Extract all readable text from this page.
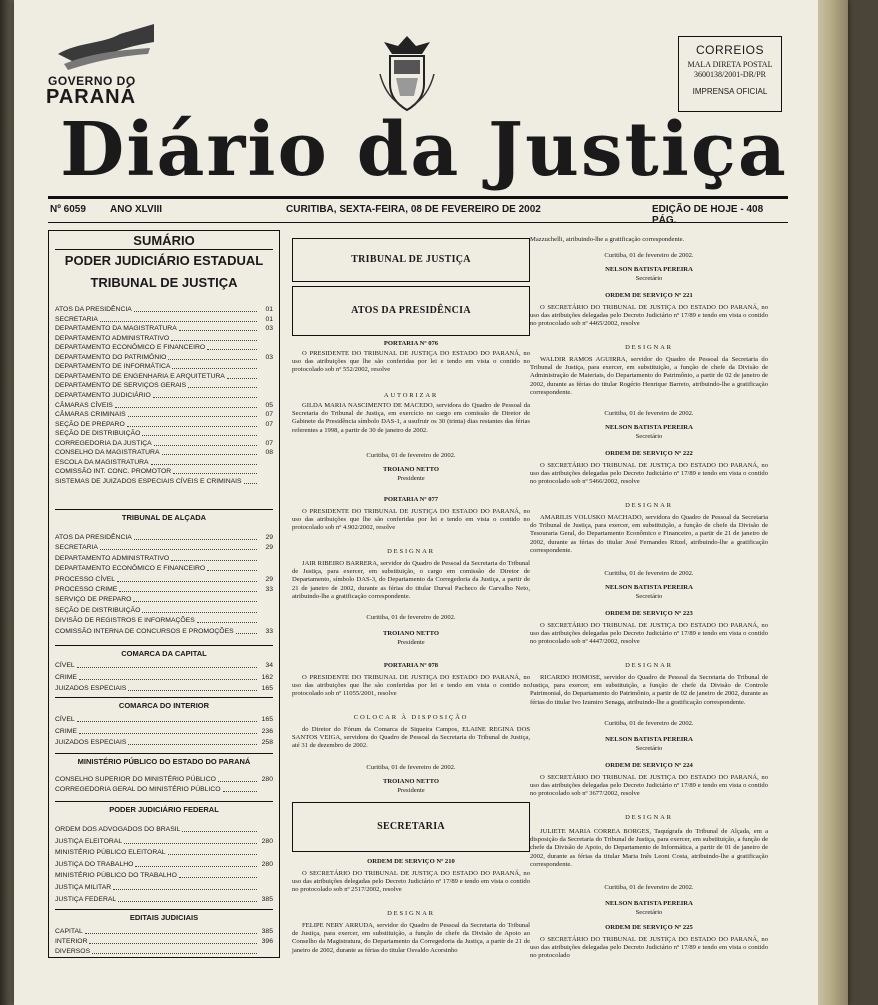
GOVERNO DO
PARANÁ
CORREIOS
MALA DIRETA POSTAL
3600138/2001-DR/PR
IMPRENSA OFICIAL
Diário da Justiça
Nº 6059 ANO XLVIII	CURITIBA, SEXTA-FEIRA, 08 DE FEVEREIRO DE 2002	EDIÇÃO DE HOJE - 408 PÁG.
SUMÁRIO
PODER JUDICIÁRIO ESTADUAL
TRIBUNAL DE JUSTIÇA
ATOS DA PRESIDÊNCIA	01
SECRETARIA	01
DEPARTAMENTO DA MAGISTRATURA	03
DEPARTAMENTO ADMINISTRATIVO
DEPARTAMENTO ECONÔMICO E FINANCEIRO
DEPARTAMENTO DO PATRIMÔNIO	03
DEPARTAMENTO DE INFORMÁTICA
DEPARTAMENTO DE ENGENHARIA E ARQUITETURA
DEPARTAMENTO DE SERVIÇOS GERAIS
DEPARTAMENTO JUDICIÁRIO
CÂMARAS CÍVEIS	05
CÂMARAS CRIMINAIS	07
SEÇÃO DE PREPARO	07
SEÇÃO DE DISTRIBUIÇÃO
CORREGEDORIA DA JUSTIÇA	07
CONSELHO DA MAGISTRATURA	08
ESCOLA DA MAGISTRATURA
COMISSÃO INT. CONC. PROMOTOR
SISTEMAS DE JUIZADOS ESPECIAIS CÍVEIS E CRIMINAIS
TRIBUNAL DE ALÇADA
ATOS DA PRESIDÊNCIA	29
SECRETARIA	29
DEPARTAMENTO ADMINISTRATIVO
DEPARTAMENTO ECONÔMICO E FINANCEIRO
PROCESSO CÍVEL	29
PROCESSO CRIME	33
SERVIÇO DE PREPARO
SEÇÃO DE DISTRIBUIÇÃO
DIVISÃO DE REGISTROS E INFORMAÇÕES
COMISSÃO INTERNA DE CONCURSOS E PROMOÇÕES	33
COMARCA DA CAPITAL
CÍVEL	34
CRIME	162
JUIZADOS ESPECIAIS	165
COMARCA DO INTERIOR
CÍVEL	165
CRIME	236
JUIZADOS ESPECIAIS	258
MINISTÉRIO PÚBLICO DO ESTADO DO PARANÁ
CONSELHO SUPERIOR DO MINISTÉRIO PÚBLICO	280
CORREGEDORIA GERAL DO MINISTÉRIO PÚBLICO
PODER JUDICIÁRIO FEDERAL
ORDEM DOS ADVOGADOS DO BRASIL
JUSTIÇA ELEITORAL	280
MINISTÉRIO PÚBLICO ELEITORAL
JUSTIÇA DO TRABALHO	280
MINISTÉRIO PÚBLICO DO TRABALHO
JUSTIÇA MILITAR
JUSTIÇA FEDERAL	385
EDITAIS JUDICIAIS
CAPITAL	385
INTERIOR	396
DIVERSOS
TRIBUNAL DE JUSTIÇA
ATOS DA PRESIDÊNCIA
PORTARIA Nº 076
O PRESIDENTE DO TRIBUNAL DE JUSTIÇA DO ESTADO DO PARANÁ, no uso das atribuições que lhe são conferidas por lei e tendo em vista o contido no protocolado sob nº 552/2002, resolve
AUTORIZAR
GILDA MARIA NASCIMENTO DE MACEDO, servidora do Quadro de Pessoal da Secretaria do Tribunal de Justiça, em exercício no cargo em comissão de Diretor de Gabinete da Presidência símbolo DAS-1, a usufruir os 30 (trinta) dias restantes das férias referentes a 1998, a partir de 30 de janeiro de 2002.
Curitiba, 01 de fevereiro de 2002.
TROIANO NETTO
Presidente
PORTARIA Nº 077
O PRESIDENTE DO TRIBUNAL DE JUSTIÇA DO ESTADO DO PARANÁ, no uso das atribuições que lhe são conferidas por lei e tendo em vista o contido no protocolado sob nº 4.902/2002, resolve
DESIGNAR
JAIR RIBEIRO BARRERA, servidor do Quadro de Pessoal da Secretaria do Tribunal de Justiça, para exercer, em substituição, o cargo em comissão de Diretor de Departamento, símbolo DAS-3, do Departamento da Corregedoria da Justiça, a partir de 21 de janeiro de 2002, durante as férias do titular Durval Pacheco de Carvalho Neto, atribuindo-lhe a gratificação correspondente.
Curitiba, 01 de fevereiro de 2002.
TROIANO NETTO
Presidente
PORTARIA Nº 078
O PRESIDENTE DO TRIBUNAL DE JUSTIÇA DO ESTADO DO PARANÁ, no uso das atribuições que lhe são conferidas por lei e tendo em vista o contido no protocolado sob nº 11055/2001, resolve
COLOCAR À DISPOSIÇÃO
do Diretor do Fórum da Comarca de Siqueira Campos, ELAINE REGINA DOS SANTOS VEIGA, servidora do Quadro de Pessoal da Secretaria do Tribunal de Justiça, até 31 de dezembro de 2002.
Curitiba, 01 de fevereiro de 2002.
TROIANO NETTO
Presidente
SECRETARIA
ORDEM DE SERVIÇO Nº 210
O SECRETÁRIO DO TRIBUNAL DE JUSTIÇA DO ESTADO DO PARANÁ, no uso das atribuições delegadas pelo Decreto Judiciário nº 17/89 e tendo em vista o contido no protocolado sob nº 2517/2002, resolve
DESIGNAR
FELIPE NERY ARRUDA, servidor do Quadro de Pessoal da Secretaria do Tribunal de Justiça, para exercer, em substituição, a função de chefe da Divisão de Apoio ao Conselho da Magistratura, do Departamento da Corregedoria da Justiça, a partir de 21 de janeiro de 2002, durante as férias do titular Osvaldo Acorsinho
Mazzuchelli, atribuindo-lhe a gratificação correspondente.
Curitiba, 01 de fevereiro de 2002.
NELSON BATISTA PEREIRA
Secretário
ORDEM DE SERVIÇO Nº 221
O SECRETÁRIO DO TRIBUNAL DE JUSTIÇA DO ESTADO DO PARANÁ, no uso das atribuições delegadas pelo Decreto Judiciário nº 17/89 e tendo em vista o contido no protocolado sob nº 4465/2002, resolve
DESIGNAR
WALDIR RAMOS AGUIRRA, servidor do Quadro de Pessoal da Secretaria do Tribunal de Justiça, para exercer, em substituição, a função de chefe da Divisão de Administração de Materiais, do Departamento do Patrimônio, a partir de 02 de janeiro de 2002, durante as férias do titular Rogério Henrique Barreto, atribuindo-lhe a gratificação correspondente.
Curitiba, 01 de fevereiro de 2002.
NELSON BATISTA PEREIRA
Secretário
ORDEM DE SERVIÇO Nº 222
O SECRETÁRIO DO TRIBUNAL DE JUSTIÇA DO ESTADO DO PARANÁ, no uso das atribuições delegadas pelo Decreto Judiciário nº 17/89 e tendo em vista o contido no protocolado sob nº 5466/2002, resolve
DESIGNAR
AMARILIS VOLUSKO MACHADO, servidora do Quadro de Pessoal da Secretaria do Tribunal de Justiça, para exercer, em substituição, a função de chefe da Divisão de Tesouraria Geral, do Departamento Econômico e Financeiro, a partir de 21 de janeiro de 2002, durante as férias do titular José Fernandes Ritzel, atribuindo-lhe a gratificação correspondente.
Curitiba, 01 de fevereiro de 2002.
NELSON BATISTA PEREIRA
Secretário
ORDEM DE SERVIÇO Nº 223
O SECRETÁRIO DO TRIBUNAL DE JUSTIÇA DO ESTADO DO PARANÁ, no uso das atribuições delegadas pelo Decreto Judiciário nº 17/89 e tendo em vista o contido no protocolado sob nº 4447/2002, resolve
DESIGNAR
RICARDO HOMOSE, servidor do Quadro de Pessoal da Secretaria do Tribunal de Justiça, para exercer, em substituição, a função de chefe da Divisão de Controle Patrimonial, do Departamento do Patrimônio, a partir de 02 de janeiro de 2002, durante as férias do titular Ivo Izumiro Senaga, atribuindo-lhe a gratificação correspondente.
Curitiba, 01 de fevereiro de 2002.
NELSON BATISTA PEREIRA
Secretário
ORDEM DE SERVIÇO Nº 224
O SECRETÁRIO DO TRIBUNAL DE JUSTIÇA DO ESTADO DO PARANÁ, no uso das atribuições delegadas pelo Decreto Judiciário nº 17/89 e tendo em vista o contido no protocolado sob nº 3677/2002, resolve
DESIGNAR
JULIETE MARIA CORREA BORGES, Taquígrafa do Tribunal de Alçada, em a disposição da Secretaria do Tribunal de Justiça, para exercer, em substituição, a função de chefe da Divisão de Apoio, do Departamento de Informática, a partir de 01 de janeiro de 2002, durante as férias da titular Maria Inês Leoni Costa, atribuindo-lhe a gratificação correspondente.
Curitiba, 01 de fevereiro de 2002.
NELSON BATISTA PEREIRA
Secretário
ORDEM DE SERVIÇO Nº 225
O SECRETÁRIO DO TRIBUNAL DE JUSTIÇA DO ESTADO DO PARANÁ, no uso das atribuições delegadas pelo Decreto Judiciário nº 17/89 e tendo em vista o contido no protocolado
